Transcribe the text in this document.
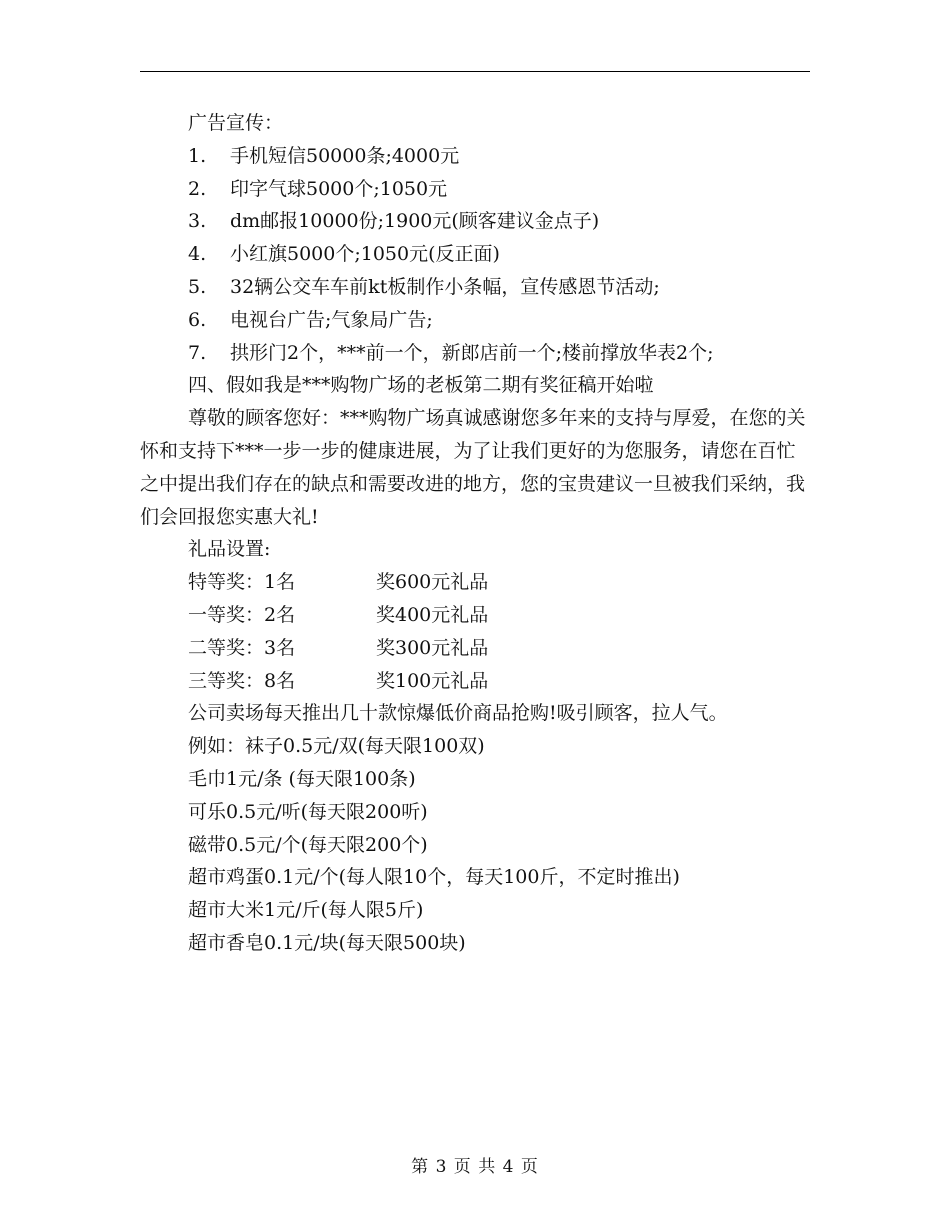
广告宣传：
1. 手机短信50000条;4000元
2. 印字气球5000个;1050元
3. dm邮报10000份;1900元(顾客建议金点子)
4. 小红旗5000个;1050元(反正面)
5. 32辆公交车车前kt板制作小条幅，宣传感恩节活动;
6. 电视台广告;气象局广告;
7. 拱形门2个，***前一个，新郎店前一个;楼前撑放华表2个;
四、假如我是***购物广场的老板第二期有奖征稿开始啦
尊敬的顾客您好：***购物广场真诚感谢您多年来的支持与厚爱，在您的关怀和支持下***一步一步的健康进展，为了让我们更好的为您服务，请您在百忙之中提出我们存在的缺点和需要改进的地方，您的宝贵建议一旦被我们采纳，我们会回报您实惠大礼!
礼品设置:
特等奖：1名	奖600元礼品
一等奖：2名	奖400元礼品
二等奖：3名	奖300元礼品
三等奖：8名	奖100元礼品
公司卖场每天推出几十款惊爆低价商品抢购!吸引顾客，拉人气。
例如：袜子0.5元/双(每天限100双)
毛巾1元/条 (每天限100条)
可乐0.5元/听(每天限200听)
磁带0.5元/个(每天限200个)
超市鸡蛋0.1元/个(每人限10个，每天100斤，不定时推出)
超市大米1元/斤(每人限5斤)
超市香皂0.1元/块(每天限500块)
第 3 页 共 4 页
